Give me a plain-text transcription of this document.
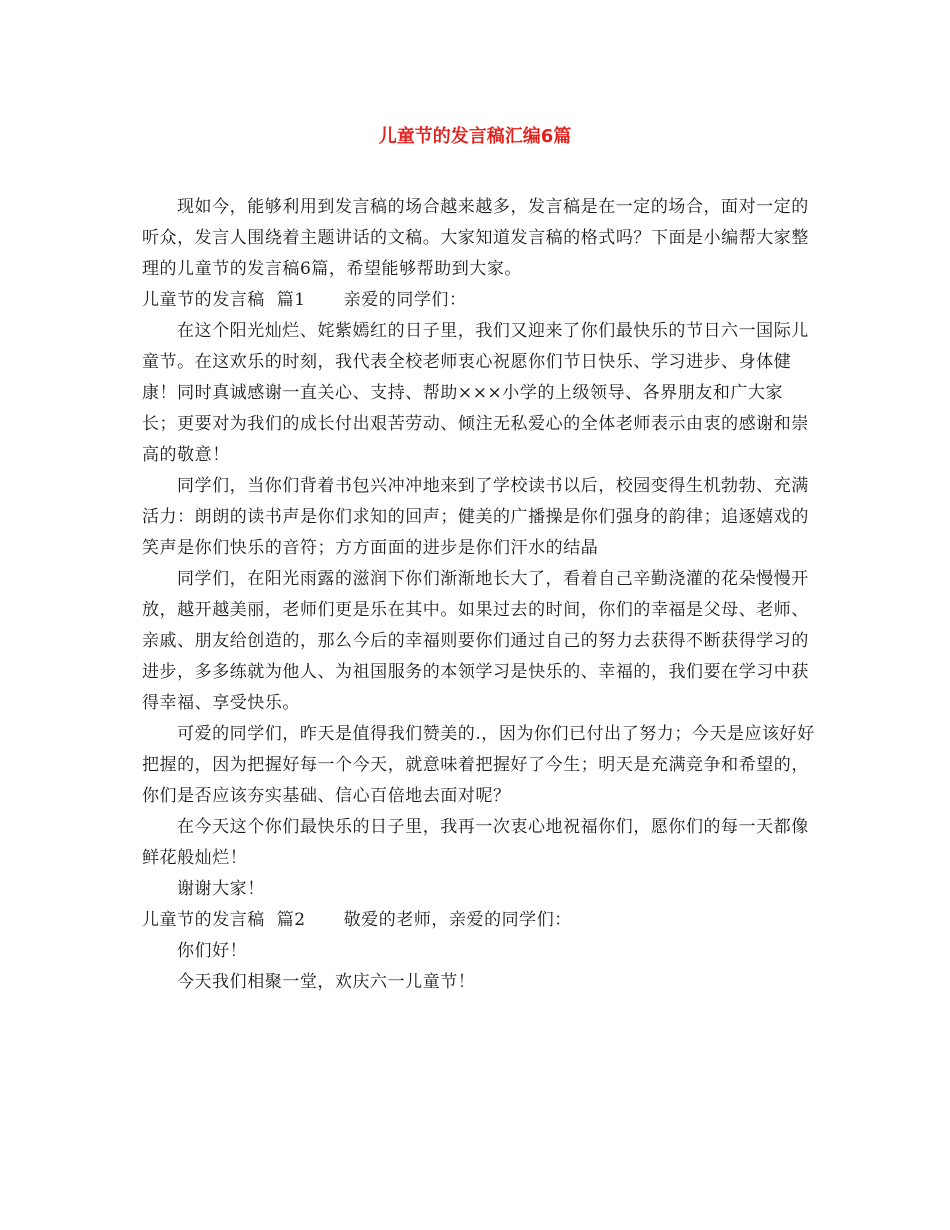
儿童节的发言稿汇编6篇

现如今，能够利用到发言稿的场合越来越多，发言稿是在一定的场合，面对一定的听众，发言人围绕着主题讲话的文稿。大家知道发言稿的格式吗？下面是小编帮大家整理的儿童节的发言稿6篇，希望能够帮助到大家。

儿童节的发言稿  篇1 亲爱的同学们：

在这个阳光灿烂、姹紫嫣红的日子里，我们又迎来了你们最快乐的节日六一国际儿童节。在这欢乐的时刻，我代表全校老师衷心祝愿你们节日快乐、学习进步、身体健康！同时真诚感谢一直关心、支持、帮助×××小学的上级领导、各界朋友和广大家长；更要对为我们的成长付出艰苦劳动、倾注无私爱心的全体老师表示由衷的感谢和崇高的敬意！

同学们，当你们背着书包兴冲冲地来到了学校读书以后，校园变得生机勃勃、充满活力：朗朗的读书声是你们求知的回声；健美的广播操是你们强身的韵律；追逐嬉戏的笑声是你们快乐的音符；方方面面的进步是你们汗水的结晶

同学们，在阳光雨露的滋润下你们渐渐地长大了，看着自己辛勤浇灌的花朵慢慢开放，越开越美丽，老师们更是乐在其中。如果过去的时间，你们的幸福是父母、老师、亲戚、朋友给创造的，那么今后的幸福则要你们通过自己的努力去获得不断获得学习的进步，多多练就为他人、为祖国服务的本领学习是快乐的、幸福的，我们要在学习中获得幸福、享受快乐。

可爱的同学们，昨天是值得我们赞美的.，因为你们已付出了努力；今天是应该好好把握的，因为把握好每一个今天，就意味着把握好了今生；明天是充满竞争和希望的，你们是否应该夯实基础、信心百倍地去面对呢？

在今天这个你们最快乐的日子里，我再一次衷心地祝福你们，愿你们的每一天都像鲜花般灿烂！

谢谢大家！

儿童节的发言稿  篇2 敬爱的老师，亲爱的同学们：

你们好！

今天我们相聚一堂，欢庆六一儿童节！
